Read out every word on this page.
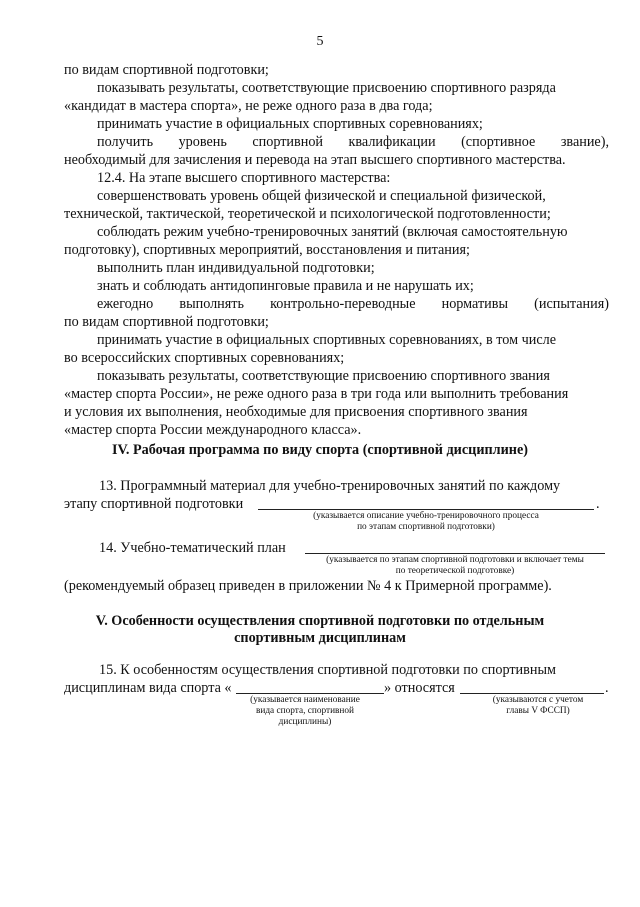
5
по видам спортивной подготовки;
показывать результаты, соответствующие присвоению спортивного разряда
«кандидат в мастера спорта», не реже одного раза в два года;
принимать участие в официальных спортивных соревнованиях;
получить уровень спортивной квалификации (спортивное звание),
необходимый для зачисления и перевода на этап высшего спортивного мастерства.
12.4. На этапе высшего спортивного мастерства:
совершенствовать уровень общей физической и специальной физической,
технической, тактической, теоретической и психологической подготовленности;
соблюдать режим учебно-тренировочных занятий (включая самостоятельную
подготовку), спортивных мероприятий, восстановления и питания;
выполнить план индивидуальной подготовки;
знать и соблюдать антидопинговые правила и не нарушать их;
ежегодно выполнять контрольно-переводные нормативы (испытания)
по видам спортивной подготовки;
принимать участие в официальных спортивных соревнованиях, в том числе
во всероссийских спортивных соревнованиях;
показывать результаты, соответствующие присвоению спортивного звания
«мастер спорта России», не реже одного раза в три года или выполнить требования
и условия их выполнения, необходимые для присвоения спортивного звания
«мастер спорта России международного класса».
IV. Рабочая программа по виду спорта (спортивной дисциплине)
13. Программный материал для учебно-тренировочных занятий по каждому
этапу спортивной подготовки	.
(указывается описание учебно-тренировочного процесса
по этапам спортивной подготовки)
14. Учебно-тематический план
(указывается по этапам спортивной подготовки и включает темы
по теоретической подготовке)
(рекомендуемый образец приведен в приложении № 4 к Примерной программе).
V. Особенности осуществления спортивной подготовки по отдельным
спортивным дисциплинам
15. К особенностям осуществления спортивной подготовки по спортивным
дисциплинам вида спорта «	» относятся	.
(указывается наименование
вида спорта, спортивной
дисциплины)
(указываются с учетом
главы V ФССП)
